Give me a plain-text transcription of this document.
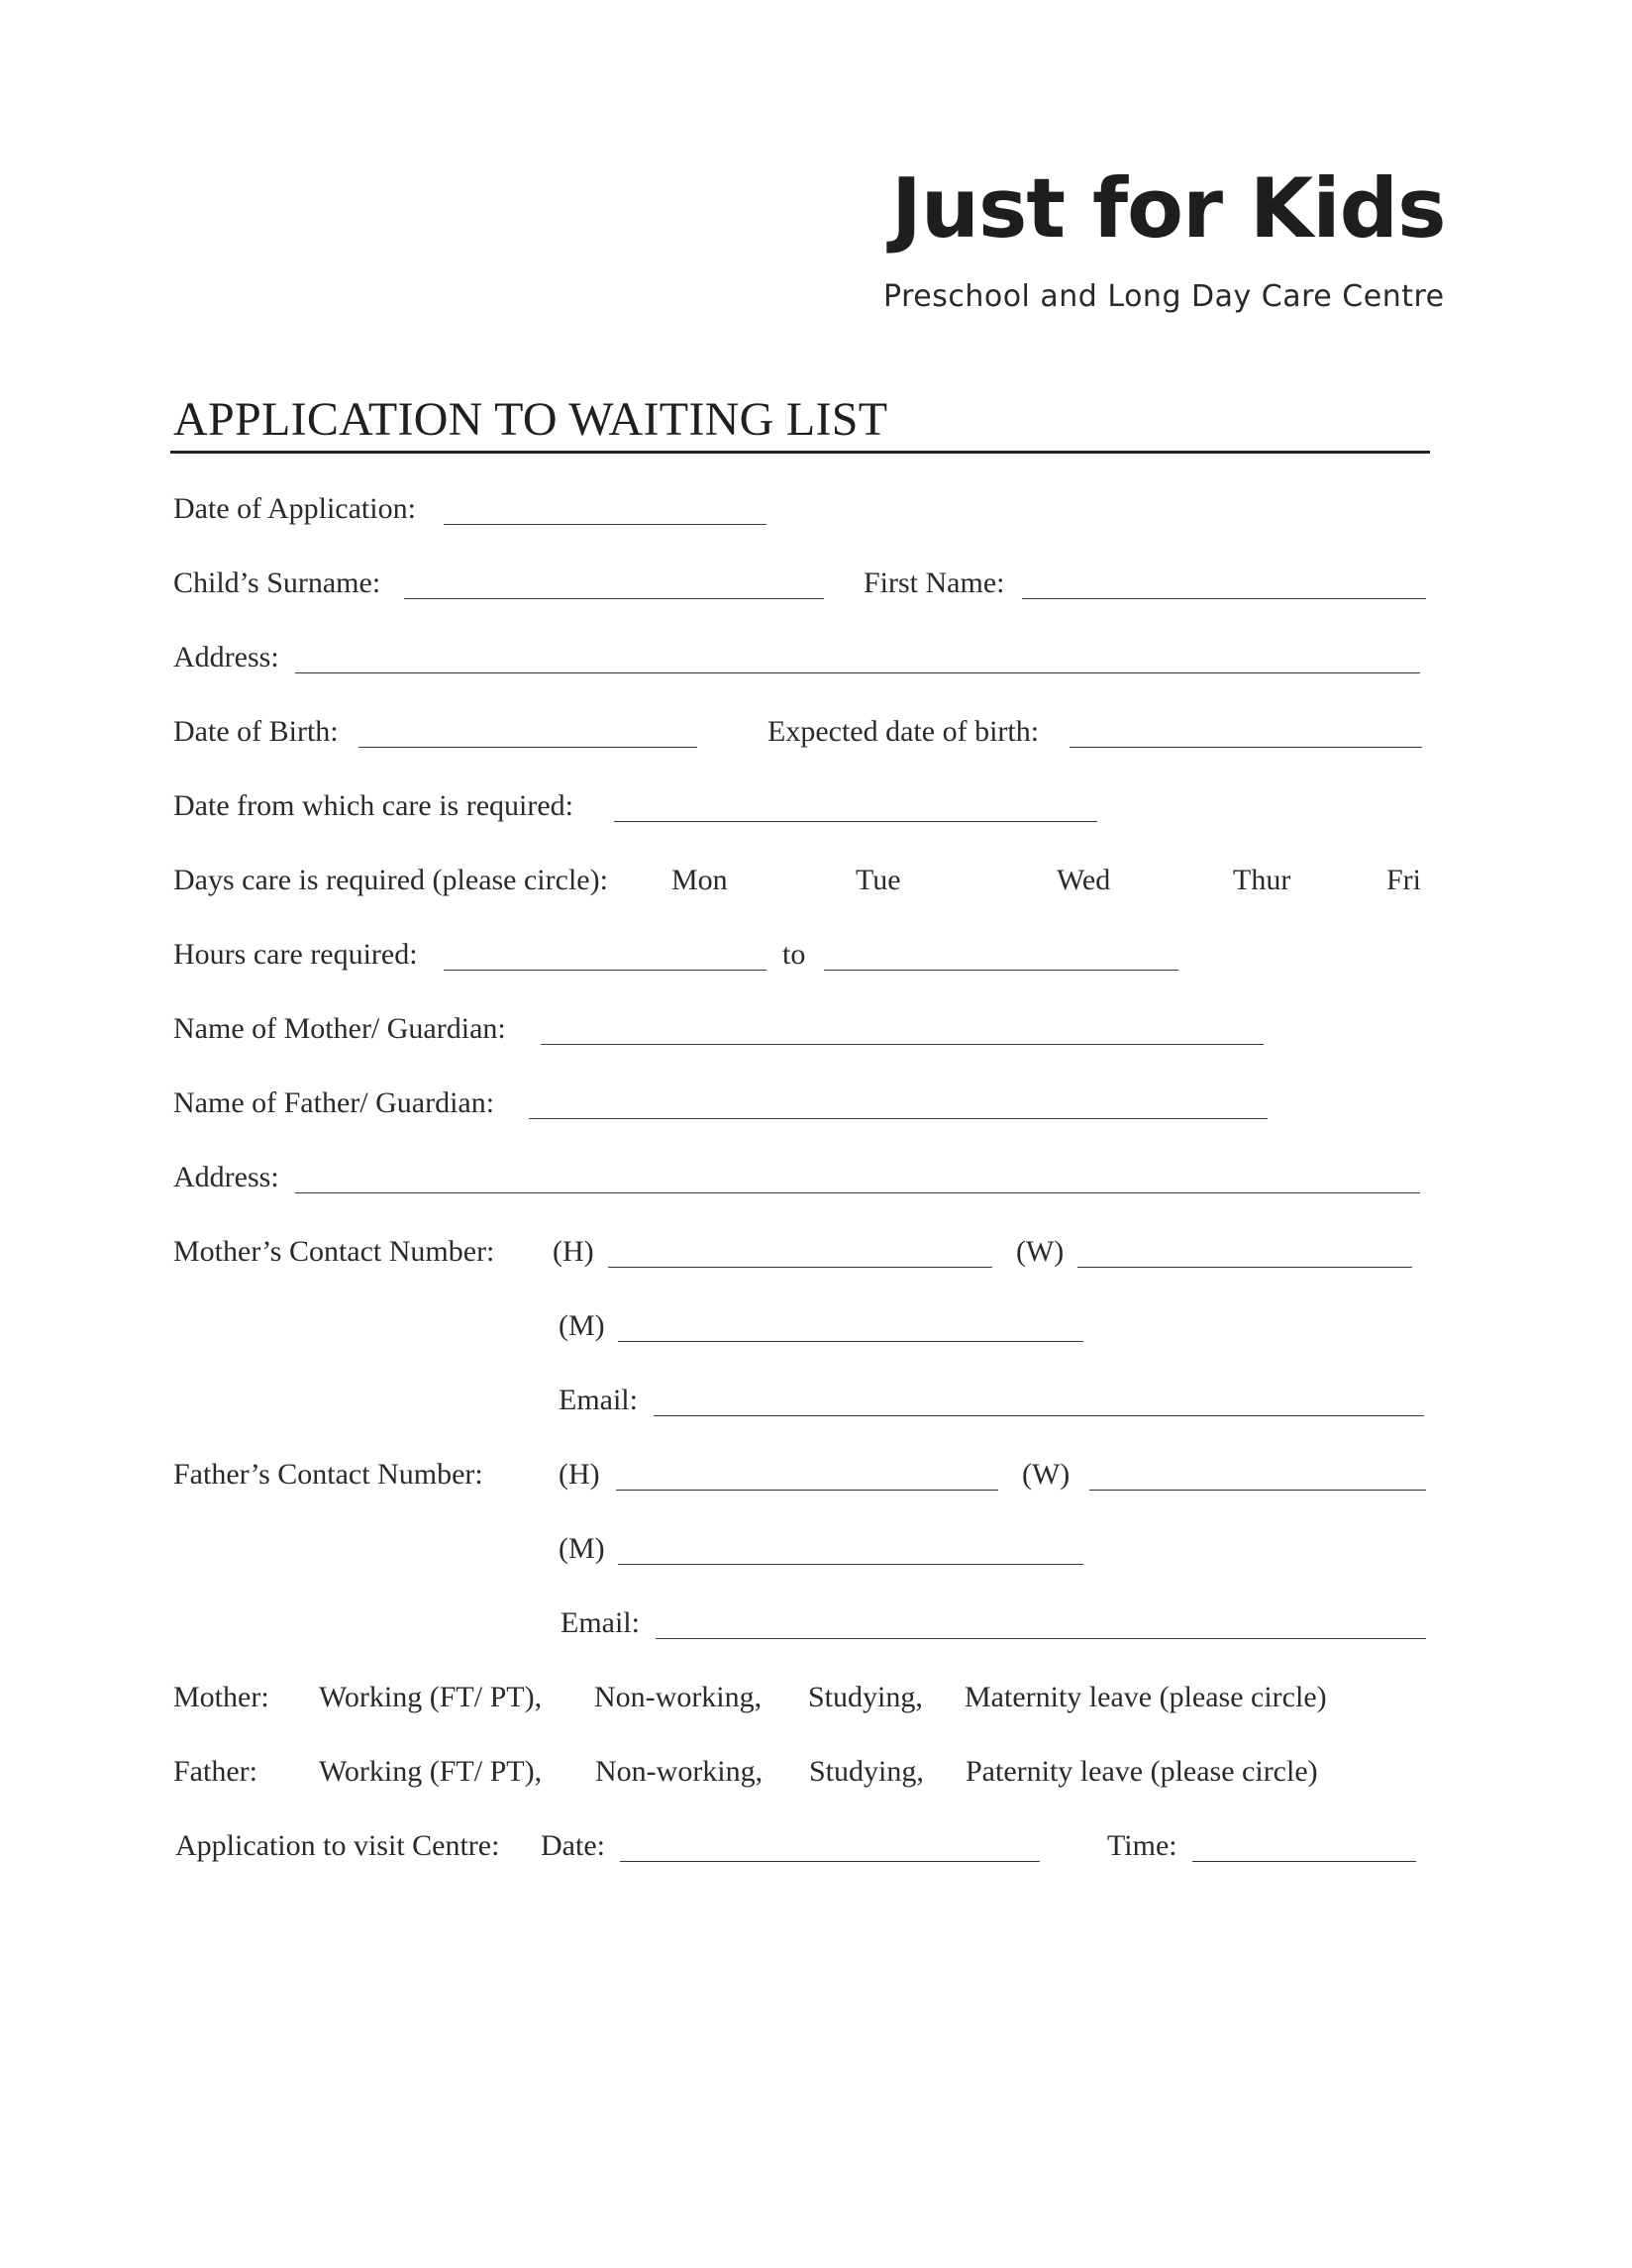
Just for Kids
Preschool and Long Day Care Centre
APPLICATION TO WAITING LIST
Date of Application:
Child’s Surname:	First Name:
Address:
Date of Birth:	Expected date of birth:
Date from which care is required:
Days care is required (please circle): Mon	Tue	Wed	Thur	Fri
Hours care required:	to
Name of Mother/ Guardian:
Name of Father/ Guardian:
Address:
Mother’s Contact Number: (H)	(W)
(M)
Email:
Father’s Contact Number:	(H)	(W)
(M)
Email:
Mother: Working (FT/ PT), Non-working, Studying, Maternity leave (please circle)
Father: Working (FT/ PT), Non-working, Studying, Paternity leave (please circle)
Application to visit Centre: Date:	Time:
